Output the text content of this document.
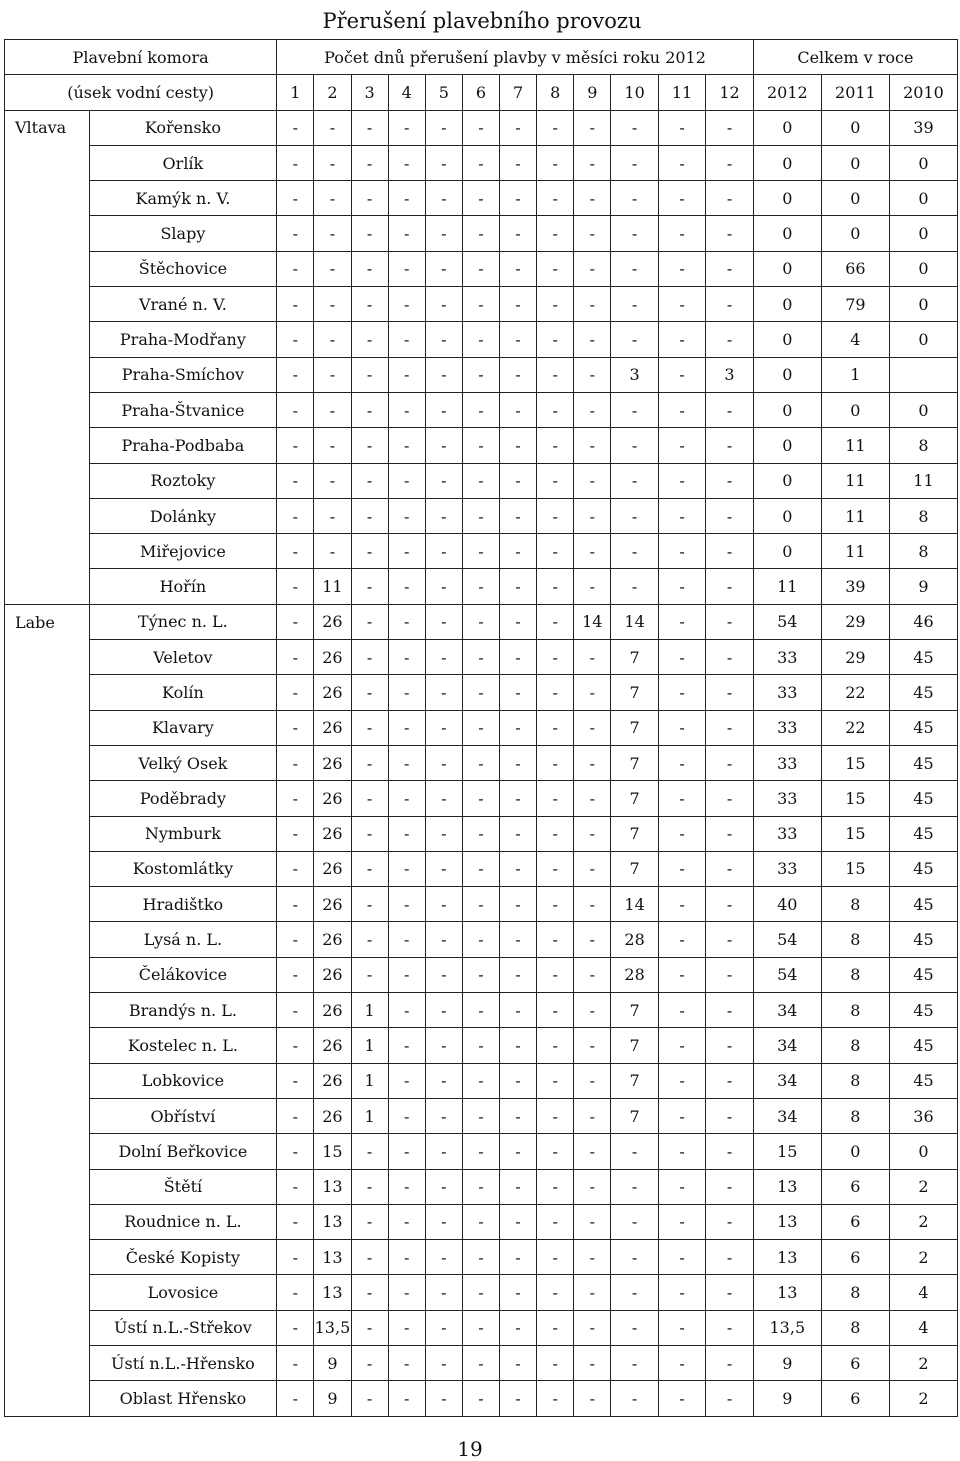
Přerušení plavebního provozu
Plavební komora		Počet dnů přerušení plavby v měsíci roku 2012												Celkem v roce		
(úsek vodní cesty)		1	2	3	4	5	6	7	8	9	10	11	12	2012	2011	2010
Vltava	Kořensko	-	-	-	-	-	-	-	-	-	-	-	-	0	0	39
	Orlík	-	-	-	-	-	-	-	-	-	-	-	-	0	0	0
	Kamýk n. V.	-	-	-	-	-	-	-	-	-	-	-	-	0	0	0
	Slapy	-	-	-	-	-	-	-	-	-	-	-	-	0	0	0
	Štěchovice	-	-	-	-	-	-	-	-	-	-	-	-	0	66	0
	Vrané n. V.	-	-	-	-	-	-	-	-	-	-	-	-	0	79	0
	Praha-Modřany	-	-	-	-	-	-	-	-	-	-	-	-	0	4	0
	Praha-Smíchov	-	-	-	-	-	-	-	-	-	3	-	3	0	1	
	Praha-Štvanice	-	-	-	-	-	-	-	-	-	-	-	-	0	0	0
	Praha-Podbaba	-	-	-	-	-	-	-	-	-	-	-	-	0	11	8
	Roztoky	-	-	-	-	-	-	-	-	-	-	-	-	0	11	11
	Dolánky	-	-	-	-	-	-	-	-	-	-	-	-	0	11	8
	Miřejovice	-	-	-	-	-	-	-	-	-	-	-	-	0	11	8
	Hořín	-	11	-	-	-	-	-	-	-	-	-	-	11	39	9
Labe	Týnec n. L.	-	26	-	-	-	-	-	-	14	14	-	-	54	29	46
	Veletov	-	26	-	-	-	-	-	-	-	7	-	-	33	29	45
	Kolín	-	26	-	-	-	-	-	-	-	7	-	-	33	22	45
	Klavary	-	26	-	-	-	-	-	-	-	7	-	-	33	22	45
	Velký Osek	-	26	-	-	-	-	-	-	-	7	-	-	33	15	45
	Poděbrady	-	26	-	-	-	-	-	-	-	7	-	-	33	15	45
	Nymburk	-	26	-	-	-	-	-	-	-	7	-	-	33	15	45
	Kostomlátky	-	26	-	-	-	-	-	-	-	7	-	-	33	15	45
	Hradištko	-	26	-	-	-	-	-	-	-	14	-	-	40	8	45
	Lysá n. L.	-	26	-	-	-	-	-	-	-	28	-	-	54	8	45
	Čelákovice	-	26	-	-	-	-	-	-	-	28	-	-	54	8	45
	Brandýs n. L.	-	26	1	-	-	-	-	-	-	7	-	-	34	8	45
	Kostelec n. L.	-	26	1	-	-	-	-	-	-	7	-	-	34	8	45
	Lobkovice	-	26	1	-	-	-	-	-	-	7	-	-	34	8	45
	Obříství	-	26	1	-	-	-	-	-	-	7	-	-	34	8	36
	Dolní Beřkovice	-	15	-	-	-	-	-	-	-	-	-	-	15	0	0
	Štětí	-	13	-	-	-	-	-	-	-	-	-	-	13	6	2
	Roudnice n. L.	-	13	-	-	-	-	-	-	-	-	-	-	13	6	2
	České Kopisty	-	13	-	-	-	-	-	-	-	-	-	-	13	6	2
	Lovosice	-	13	-	-	-	-	-	-	-	-	-	-	13	8	4
	Ústí n.L.-Střekov	-	13,5	-	-	-	-	-	-	-	-	-	-	13,5	8	4
	Ústí n.L.-Hřensko	-	9	-	-	-	-	-	-	-	-	-	-	9	6	2
	Oblast Hřensko	-	9	-	-	-	-	-	-	-	-	-	-	9	6	2
19
